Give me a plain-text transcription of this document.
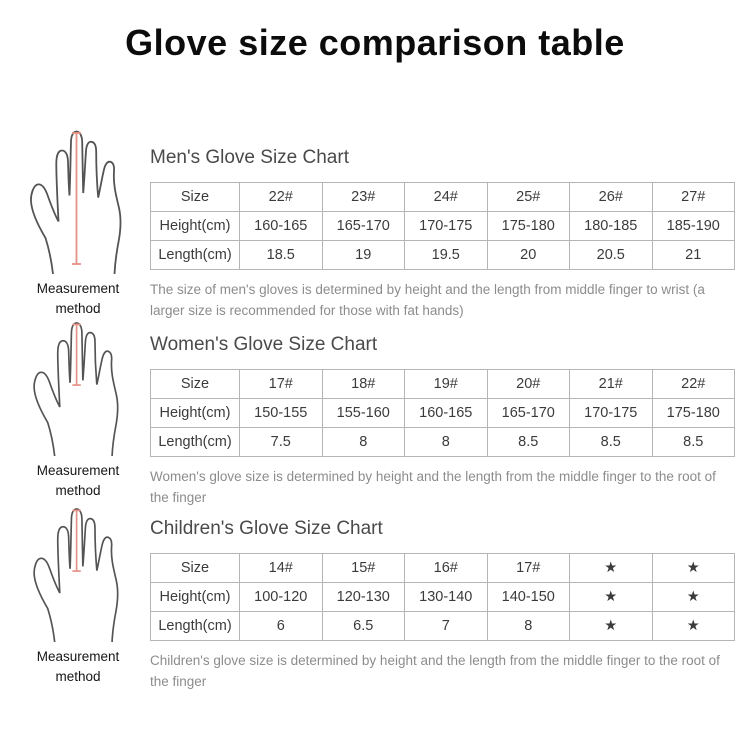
Glove size comparison table
Measurement method
Men's Glove Size Chart
Size	22#	23#	24#	25#	26#	27#
Height(cm)	160-165	165-170	170-175	175-180	180-185	185-190
Length(cm)	18.5	19	19.5	20	20.5	21

The size of men's gloves is determined by height and the length from middle finger to wrist (a larger size is recommended for those with fat hands)

Measurement method
Women's Glove Size Chart
Size	17#	18#	19#	20#	21#	22#
Height(cm)	150-155	155-160	160-165	165-170	170-175	175-180
Length(cm)	7.5	8	8	8.5	8.5	8.5

Women's glove size is determined by height and the length from the middle finger to the root of the finger

Measurement method
Children's Glove Size Chart
Size	14#	15#	16#	17#	★	★
Height(cm)	100-120	120-130	130-140	140-150	★	★
Length(cm)	6	6.5	7	8	★	★

Children's glove size is determined by height and the length from the middle finger to the root of the finger
